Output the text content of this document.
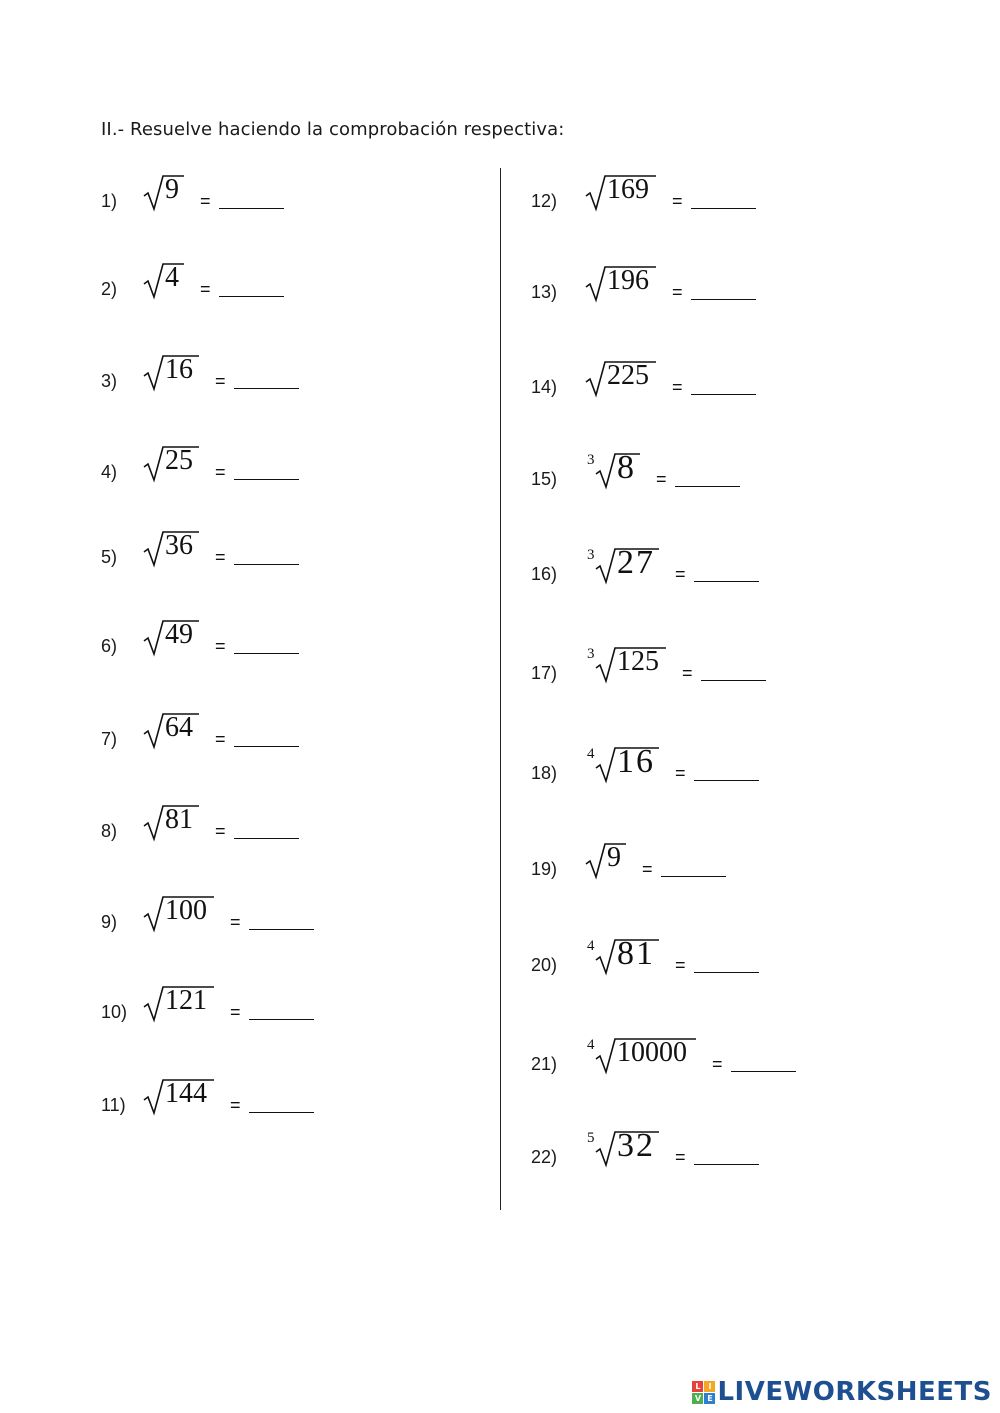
II.- Resuelve haciendo la comprobación respectiva:
1) 9 =
2) 4 =
3) 16 =
4) 25 =
5) 36 =
6) 49 =
7) 64 =
8) 81 =
9) 100 =
10) 121 =
11) 144 =
12) 169 =
13) 196 =
14) 225 =
15)
3 8 =
16)
3 27 =
17)
3 125 =
18)
4 16 =
19) 9 =
20)
4 81 =
21)
4 10000 =
22)
5 32 =
L I
V E LIVEWORKSHEETS
